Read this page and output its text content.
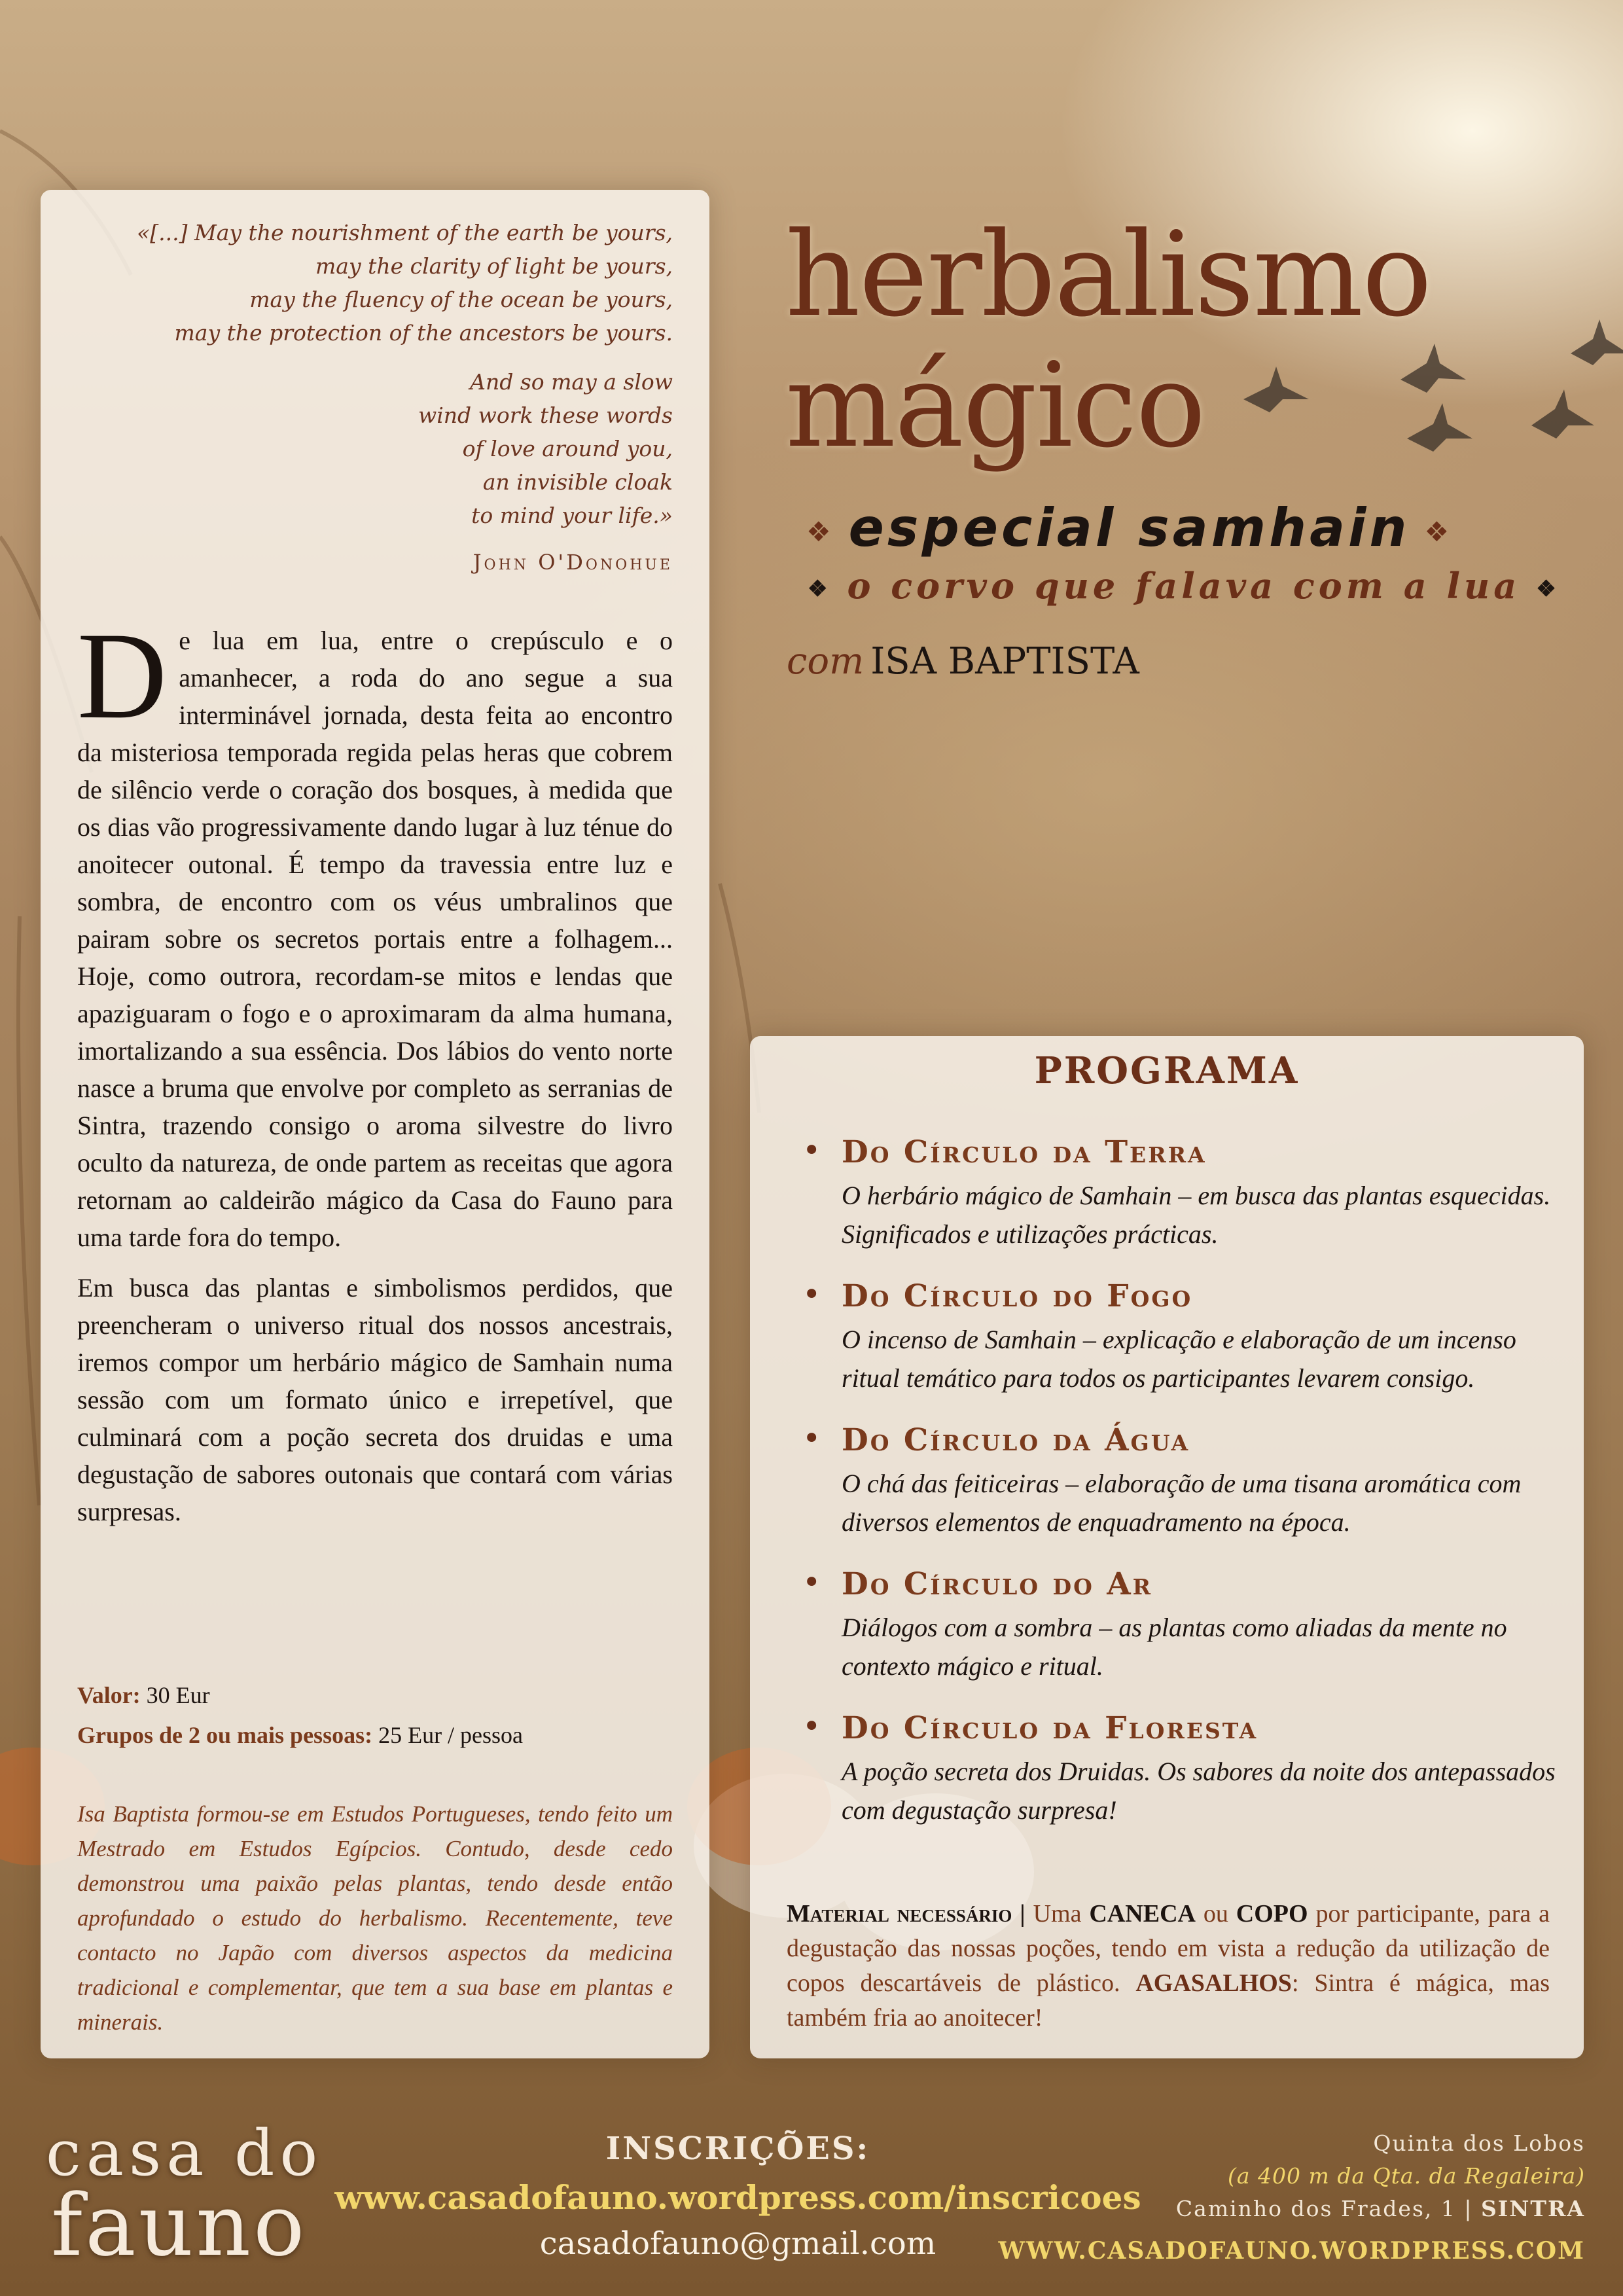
«[...] May the nourishment of the earth be yours,
may the clarity of light be yours,
may the fluency of the ocean be yours,
may the protection of the ancestors be yours.
And so may a slow
wind work these words
of love around you,
an invisible cloak
to mind your life.»
John O'Donohue

De lua em lua, entre o crepúsculo e o amanhecer, a roda do ano segue a sua interminável jornada, desta feita ao encontro da misteriosa temporada regida pelas heras que cobrem de silêncio verde o coração dos bosques, à medida que os dias vão progressivamente dando lugar à luz ténue do anoitecer outonal. É tempo da travessia entre luz e sombra, de encontro com os véus umbralinos que pairam sobre os secretos portais entre a folhagem... Hoje, como outrora, recordam-se mitos e lendas que apaziguaram o fogo e o aproximaram da alma humana, imortalizando a sua essência. Dos lábios do vento norte nasce a bruma que envolve por completo as serranias de Sintra, trazendo consigo o aroma silvestre do livro oculto da natureza, de onde partem as receitas que agora retornam ao caldeirão mágico da Casa do Fauno para uma tarde fora do tempo.

Em busca das plantas e simbolismos perdidos, que preencheram o universo ritual dos nossos ancestrais, iremos compor um herbário mágico de Samhain numa sessão com um formato único e irrepetível, que culminará com a poção secreta dos druidas e uma degustação de sabores outonais que contará com várias surpresas.

Valor: 30 Eur
Grupos de 2 ou mais pessoas: 25 Eur / pessoa
Isa Baptista formou-se em Estudos Portugueses, tendo feito um Mestrado em Estudos Egípcios. Contudo, desde cedo demonstrou uma paixão pelas plantas, tendo desde então aprofundado o estudo do herbalismo. Recentemente, teve contacto no Japão com diversos aspectos da medicina tradicional e complementar, que tem a sua base em plantas e minerais.
herbalismo
mágico
❖ especial samhain ❖
❖ o corvo que falava com a lua ❖
com ISA BAPTISTA
PROGRAMA
• Do Círculo da Terra
O herbário mágico de Samhain – em busca das plantas esquecidas. Significados e utilizações prácticas.
• Do Círculo do Fogo
O incenso de Samhain – explicação e elaboração de um incenso ritual temático para todos os participantes levarem consigo.
• Do Círculo da Água
O chá das feiticeiras – elaboração de uma tisana aromática com diversos elementos de enquadramento na época.
• Do Círculo do Ar
Diálogos com a sombra – as plantas como aliadas da mente no contexto mágico e ritual.
• Do Círculo da Floresta
A poção secreta dos Druidas. Os sabores da noite dos antepassados com degustação surpresa!
Material necessário | Uma CANECA ou COPO por participante, para a degustação das nossas poções, tendo em vista a redução da utilização de copos descartáveis de plástico. AGASALHOS: Sintra é mágica, mas também fria ao anoitecer!
casa do
fauno
INSCRIÇÕES:
www.casadofauno.wordpress.com/inscricoes
casadofauno@gmail.com
Quinta dos Lobos
(a 400 m da Qta. da Regaleira)
Caminho dos Frades, 1 | SINTRA
WWW.CASADOFAUNO.WORDPRESS.COM
